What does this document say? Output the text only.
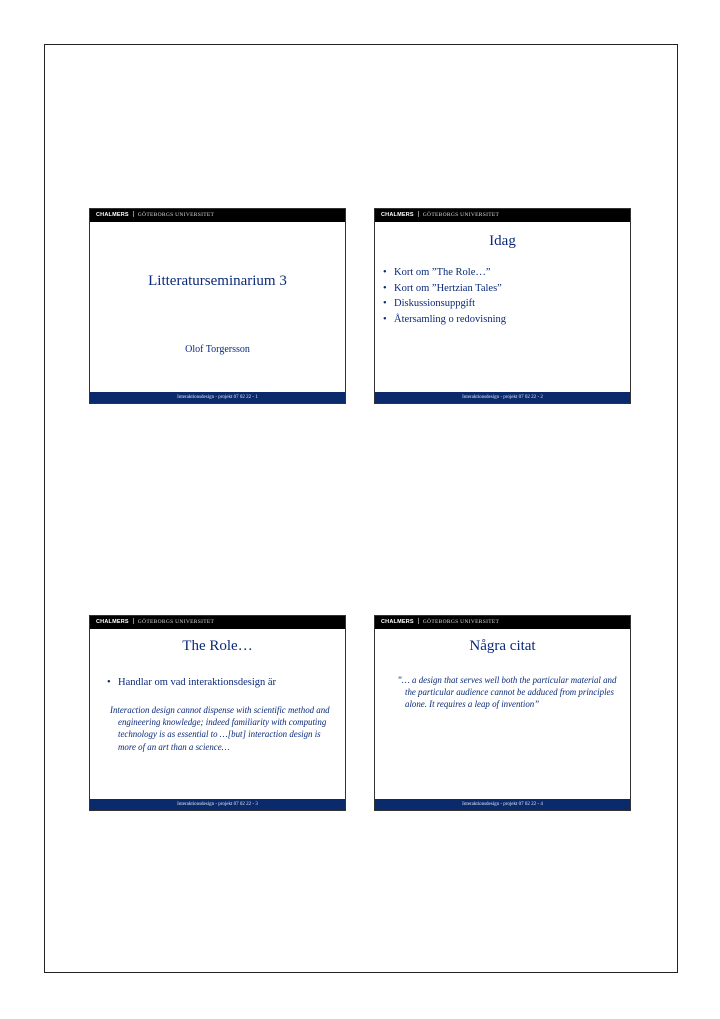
CHALMERS GÖTEBORGS UNIVERSITET
Litteraturseminarium 3
Olof Torgersson
Interaktionsdesign - projekt 07 02 22 - 1
CHALMERS GÖTEBORGS UNIVERSITET
Idag
• Kort om ”The Role…”
• Kort om ”Hertzian Tales”
• Diskussionsuppgift
• Återsamling o redovisning
Interaktionsdesign - projekt 07 02 22 - 2
CHALMERS GÖTEBORGS UNIVERSITET
The Role…
• Handlar om vad interaktionsdesign är
Interaction design cannot dispense with scientific method and engineering knowledge; indeed familiarity with computing technology is as essential to …[but] interaction design is more of an art than a science…
Interaktionsdesign - projekt 07 02 22 - 3
CHALMERS GÖTEBORGS UNIVERSITET
Några citat
”… a design that serves well both the particular material and the particular audience cannot be adduced from principles alone. It requires a leap of invention”
Interaktionsdesign - projekt 07 02 22 - 4
